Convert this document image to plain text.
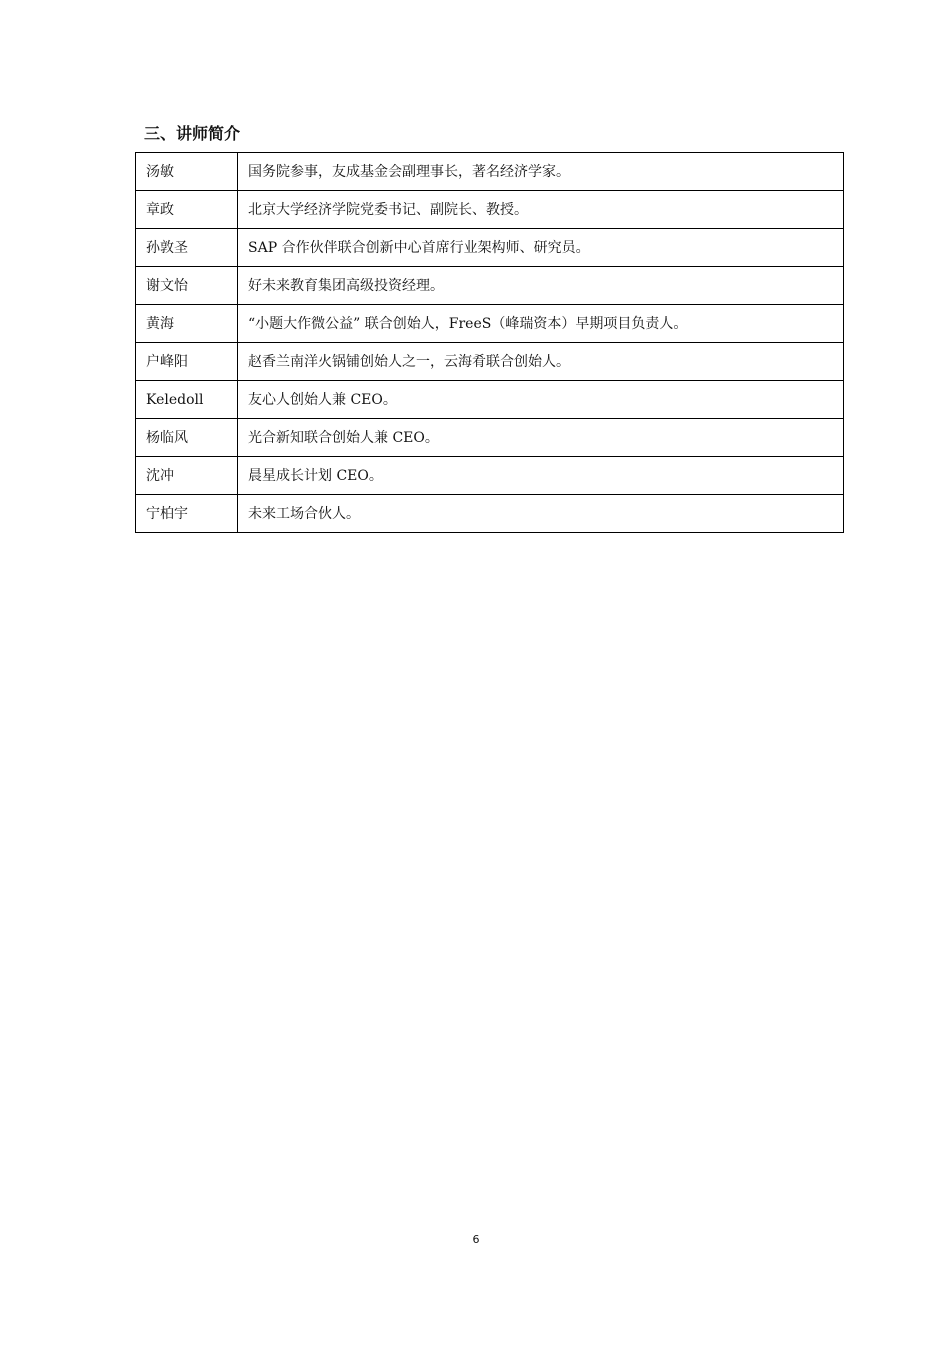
三、讲师简介
汤敏	国务院参事，友成基金会副理事长，著名经济学家。
章政	北京大学经济学院党委书记、副院长、教授。
孙敦圣	SAP 合作伙伴联合创新中心首席行业架构师、研究员。
谢文怡	好未来教育集团高级投资经理。
黄海	“小题大作微公益” 联合创始人，FreeS（峰瑞资本）早期项目负责人。
户峰阳	赵香兰南洋火锅铺创始人之一，云海肴联合创始人。
Keledoll	友心人创始人兼 CEO。
杨临风	光合新知联合创始人兼 CEO。
沈冲	晨星成长计划 CEO。
宁柏宇	未来工场合伙人。
6
